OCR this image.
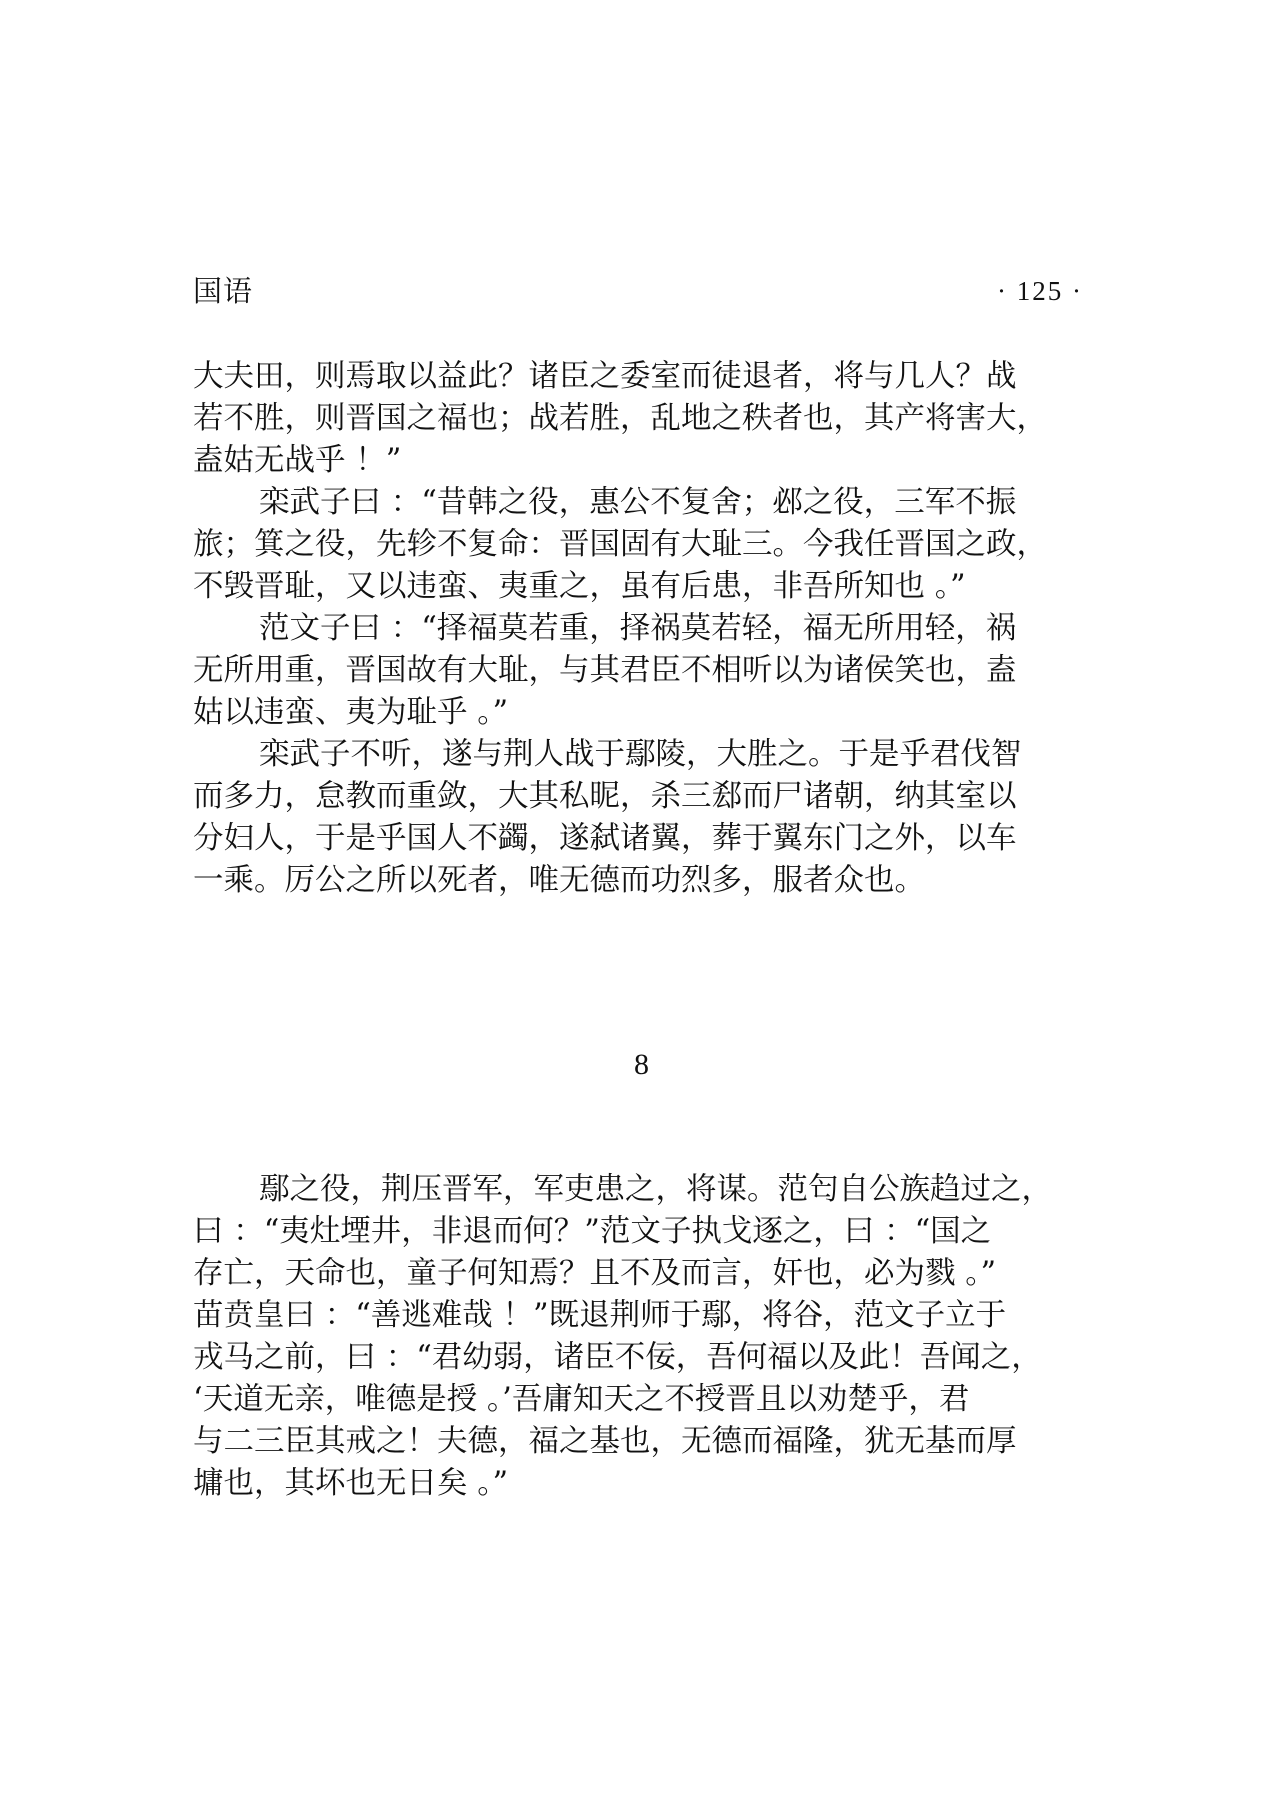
国语	· 125 ·
大夫田，则焉取以益此？诸臣之委室而徒退者，将与几人？战
若不胜，则晋国之福也；战若胜，乱地之秩者也，其产将害大，
盍姑无战乎 ！”
栾武子曰 ：“昔韩之役，惠公不复舍；邲之役，三军不振
旅；箕之役，先轸不复命：晋国固有大耻三。今我任晋国之政，
不毁晋耻，又以违蛮、夷重之，虽有后患，非吾所知也 。”
范文子曰 ：“择福莫若重，择祸莫若轻，福无所用轻，祸
无所用重，晋国故有大耻，与其君臣不相听以为诸侯笑也，盍
姑以违蛮、夷为耻乎 。”
栾武子不听，遂与荆人战于鄢陵，大胜之。于是乎君伐智
而多力，怠教而重敛，大其私昵，杀三郄而尸诸朝，纳其室以
分妇人，于是乎国人不蠲，遂弑诸翼，葬于翼东门之外，以车
一乘。厉公之所以死者，唯无德而功烈多，服者众也。
8
鄢之役，荆压晋军，军吏患之，将谋。范匄自公族趋过之，
曰 ：“夷灶堙井，非退而何？”范文子执戈逐之，曰 ：“国之
存亡，天命也，童子何知焉？且不及而言，奸也，必为戮 。”
苗贲皇曰 ：“善逃难哉 ！”既退荆师于鄢，将谷，范文子立于
戎马之前，曰 ：“君幼弱，诸臣不佞，吾何福以及此！吾闻之，
‘天道无亲，唯德是授 。’吾庸知天之不授晋且以劝楚乎，君
与二三臣其戒之！夫德，福之基也，无德而福隆，犹无基而厚
墉也，其坏也无日矣 。”
